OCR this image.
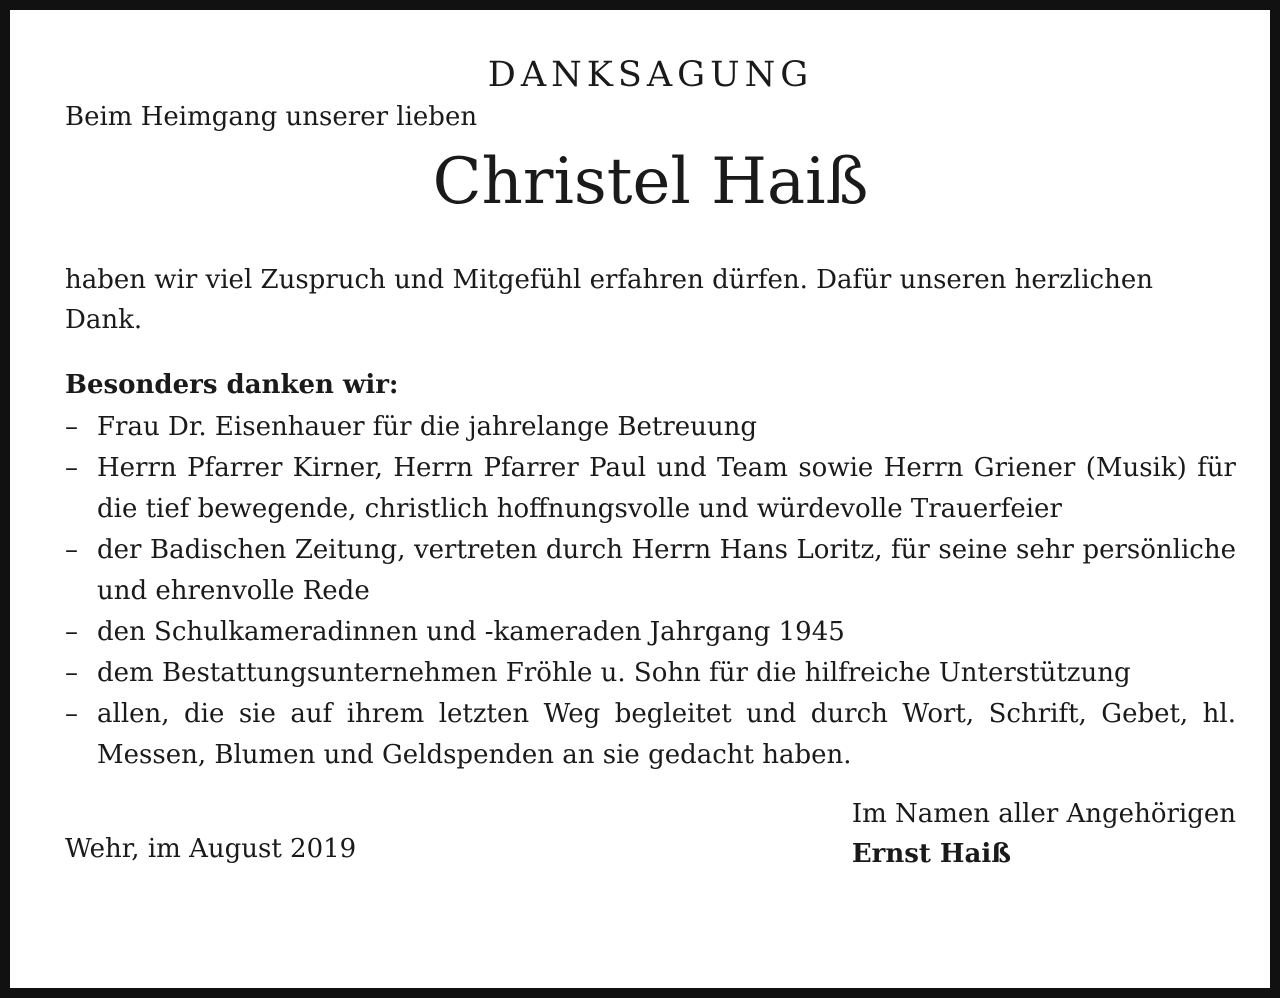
DANKSAGUNG

Beim Heimgang unserer lieben

Christel Haiß

haben wir viel Zuspruch und Mitgefühl erfahren dürfen. Dafür unseren herzlichen Dank.

Besonders danken wir:

– Frau Dr. Eisenhauer für die jahrelange Betreuung
– Herrn Pfarrer Kirner, Herrn Pfarrer Paul und Team sowie Herrn Griener (Musik) für die tief bewegende, christlich hoffnungsvolle und würdevolle Trauerfeier
– der Badischen Zeitung, vertreten durch Herrn Hans Loritz, für seine sehr persönliche und ehrenvolle Rede
– den Schulkameradinnen und -kameraden Jahrgang 1945
– dem Bestattungsunternehmen Fröhle u. Sohn für die hilfreiche Unterstützung
– allen, die sie auf ihrem letzten Weg begleitet und durch Wort, Schrift, Gebet, hl. Messen, Blumen und Geldspenden an sie gedacht haben.
Wehr, im August 2019
Im Namen aller Angehörigen
Ernst Haiß
